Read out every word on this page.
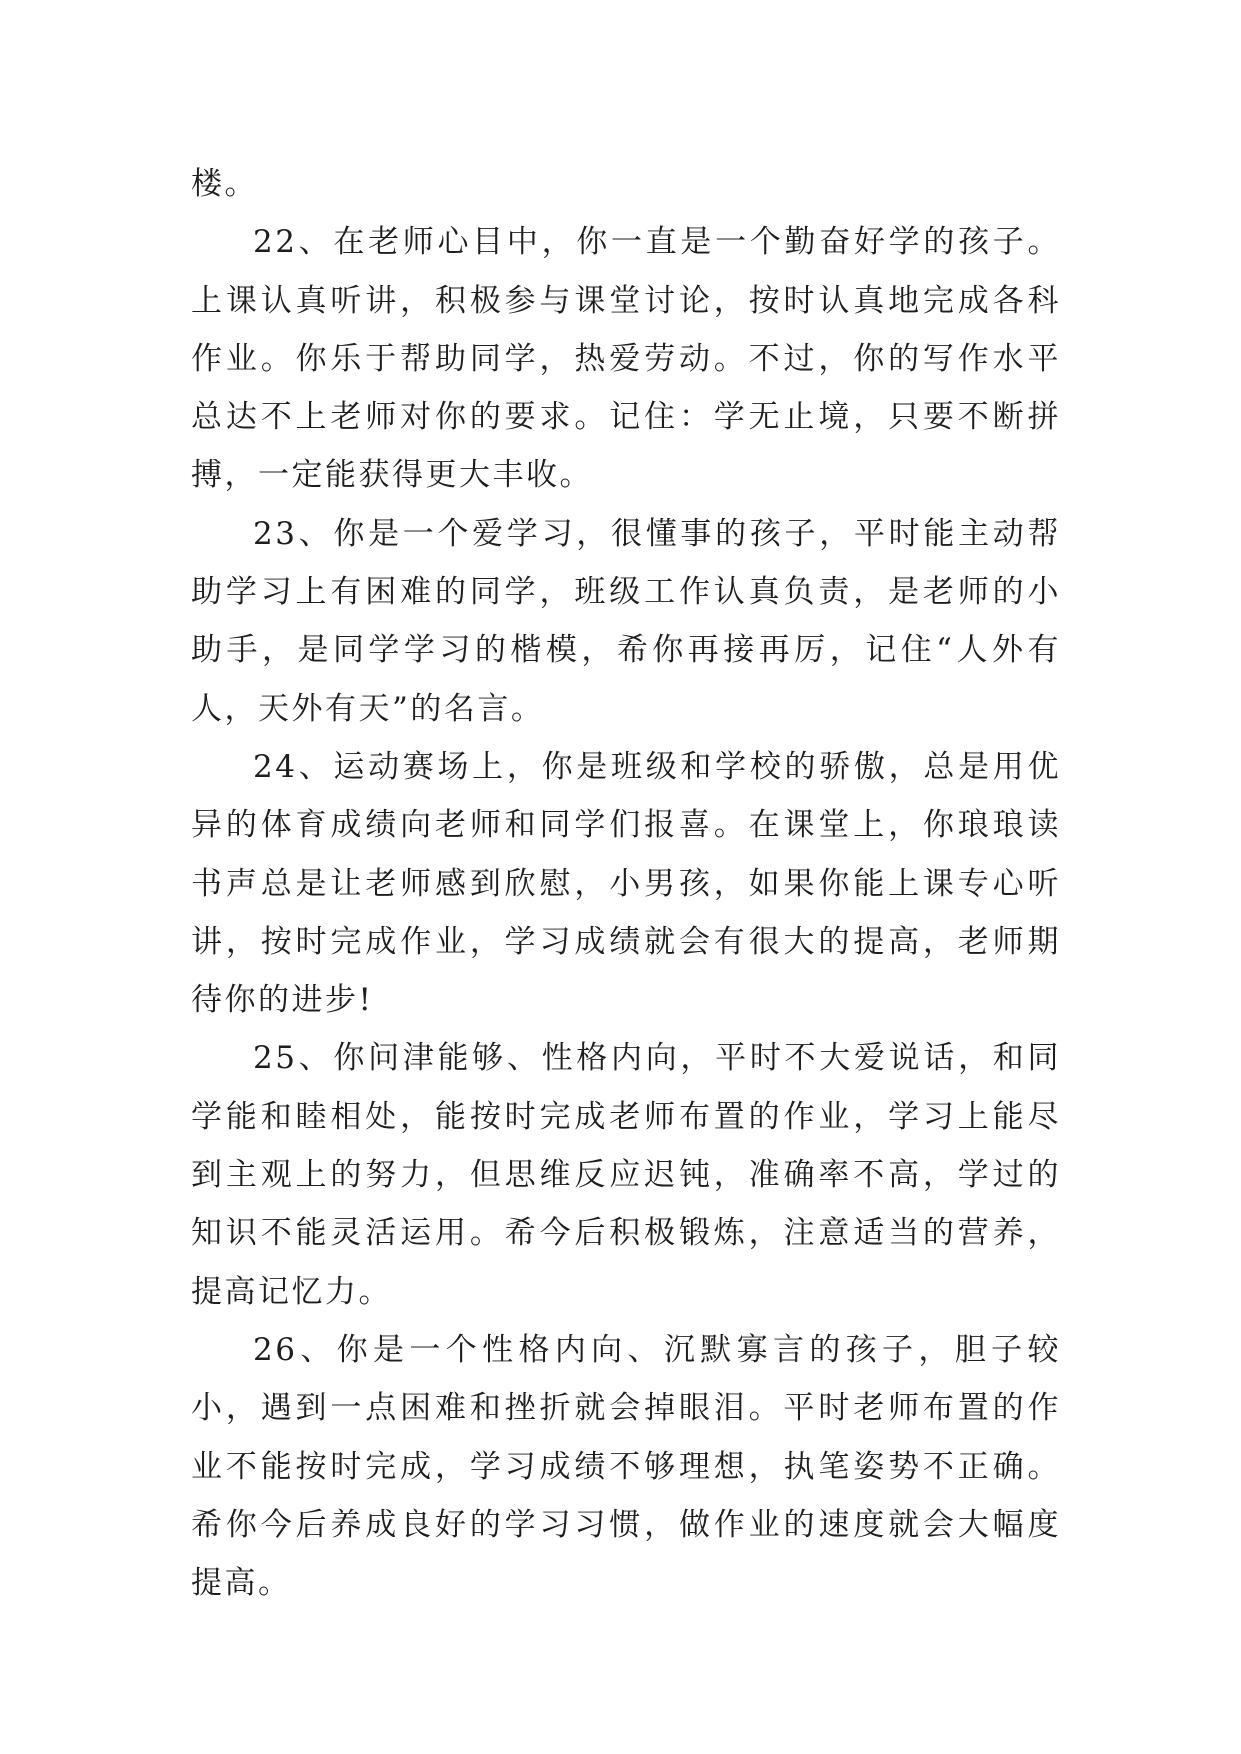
楼。

22、在老师心目中，你一直是一个勤奋好学的孩子。上课认真听讲，积极参与课堂讨论，按时认真地完成各科作业。你乐于帮助同学，热爱劳动。不过，你的写作水平总达不上老师对你的要求。记住：学无止境，只要不断拼搏，一定能获得更大丰收。

23、你是一个爱学习，很懂事的孩子，平时能主动帮助学习上有困难的同学，班级工作认真负责，是老师的小助手，是同学学习的楷模，希你再接再厉，记住“人外有人，天外有天”的名言。

24、运动赛场上，你是班级和学校的骄傲，总是用优异的体育成绩向老师和同学们报喜。在课堂上，你琅琅读书声总是让老师感到欣慰，小男孩，如果你能上课专心听讲，按时完成作业，学习成绩就会有很大的提高，老师期待你的进步!

25、你问津能够、性格内向，平时不大爱说话，和同学能和睦相处，能按时完成老师布置的作业，学习上能尽到主观上的努力，但思维反应迟钝，准确率不高，学过的知识不能灵活运用。希今后积极锻炼，注意适当的营养，提高记忆力。

26、你是一个性格内向、沉默寡言的孩子，胆子较小，遇到一点困难和挫折就会掉眼泪。平时老师布置的作业不能按时完成，学习成绩不够理想，执笔姿势不正确。希你今后养成良好的学习习惯，做作业的速度就会大幅度提高。
